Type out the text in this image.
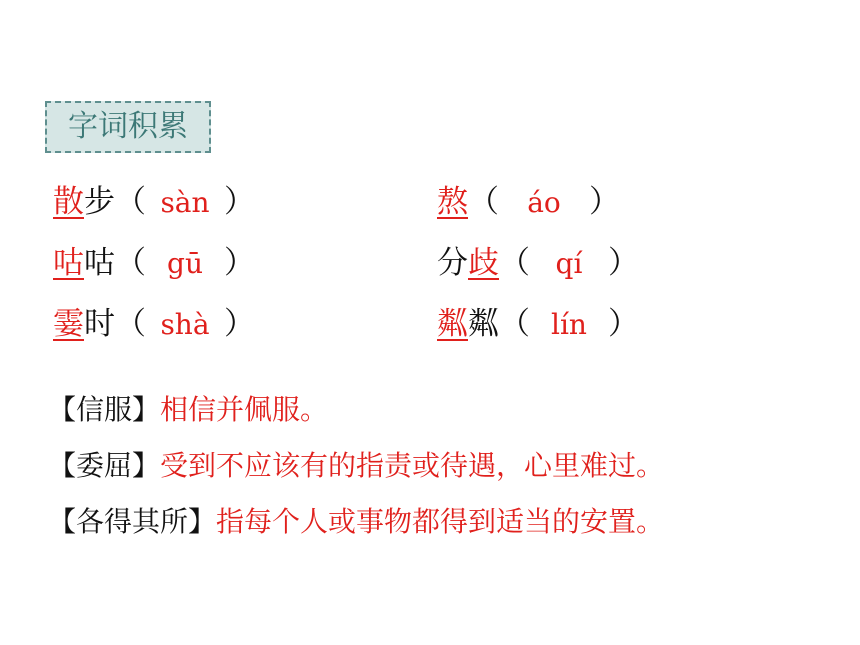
字词积累
散步（ sàn ）	熬（ áo ）
咕咕（ gū ）	分歧（ qí ）
霎时（ shà ）	粼粼（ lín ）
【信服】相信并佩服。
【委屈】受到不应该有的指责或待遇，心里难过。
【各得其所】指每个人或事物都得到适当的安置。
